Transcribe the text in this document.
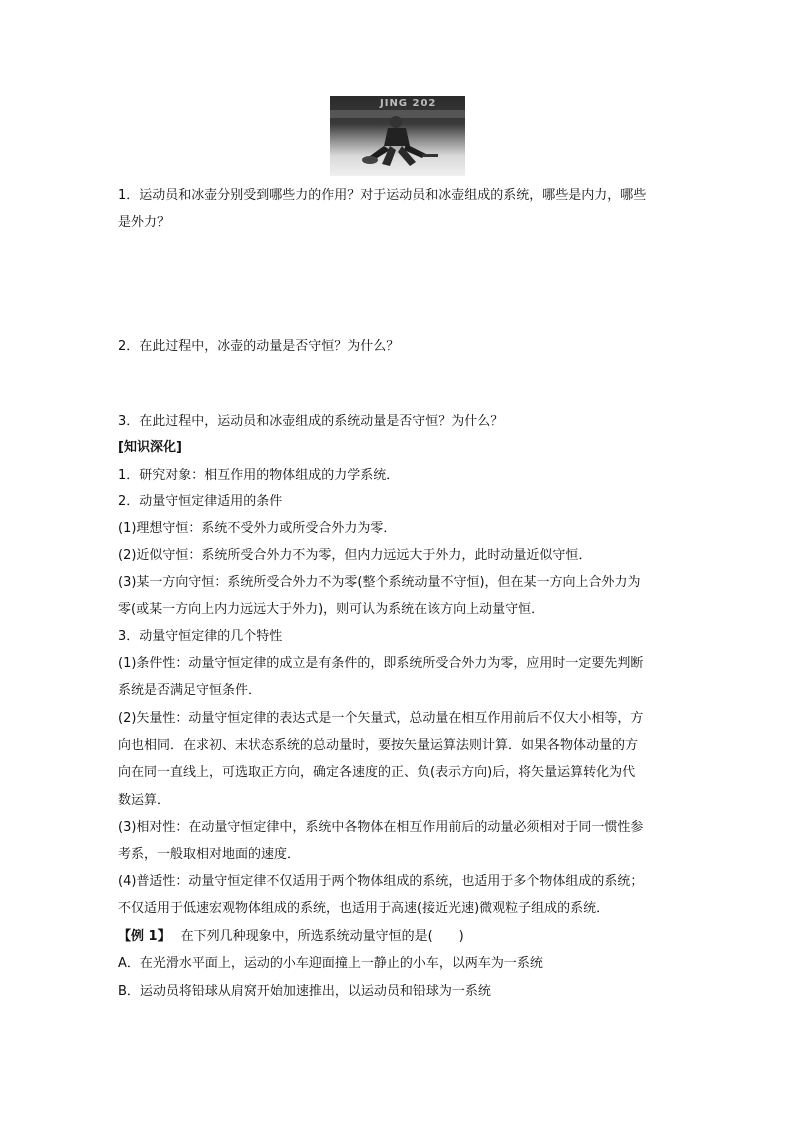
JING 202
1．运动员和冰壶分别受到哪些力的作用？对于运动员和冰壶组成的系统，哪些是内力，哪些
是外力？
2．在此过程中，冰壶的动量是否守恒？为什么？
3．在此过程中，运动员和冰壶组成的系统动量是否守恒？为什么？
[知识深化]
1．研究对象：相互作用的物体组成的力学系统．
2．动量守恒定律适用的条件
(1)理想守恒：系统不受外力或所受合外力为零．
(2)近似守恒：系统所受合外力不为零，但内力远远大于外力，此时动量近似守恒．
(3)某一方向守恒：系统所受合外力不为零(整个系统动量不守恒)，但在某一方向上合外力为
零(或某一方向上内力远远大于外力)，则可认为系统在该方向上动量守恒．
3．动量守恒定律的几个特性
(1)条件性：动量守恒定律的成立是有条件的，即系统所受合外力为零，应用时一定要先判断
系统是否满足守恒条件．
(2)矢量性：动量守恒定律的表达式是一个矢量式，总动量在相互作用前后不仅大小相等，方
向也相同．在求初、末状态系统的总动量时，要按矢量运算法则计算．如果各物体动量的方
向在同一直线上，可选取正方向，确定各速度的正、负(表示方向)后，将矢量运算转化为代
数运算．
(3)相对性：在动量守恒定律中，系统中各物体在相互作用前后的动量必须相对于同一惯性参
考系，一般取相对地面的速度．
(4)普适性：动量守恒定律不仅适用于两个物体组成的系统，也适用于多个物体组成的系统；
不仅适用于低速宏观物体组成的系统，也适用于高速(接近光速)微观粒子组成的系统．
【例 1】 在下列几种现象中，所选系统动量守恒的是(　　)
A．在光滑水平面上，运动的小车迎面撞上一静止的小车，以两车为一系统
B．运动员将铅球从肩窝开始加速推出，以运动员和铅球为一系统
